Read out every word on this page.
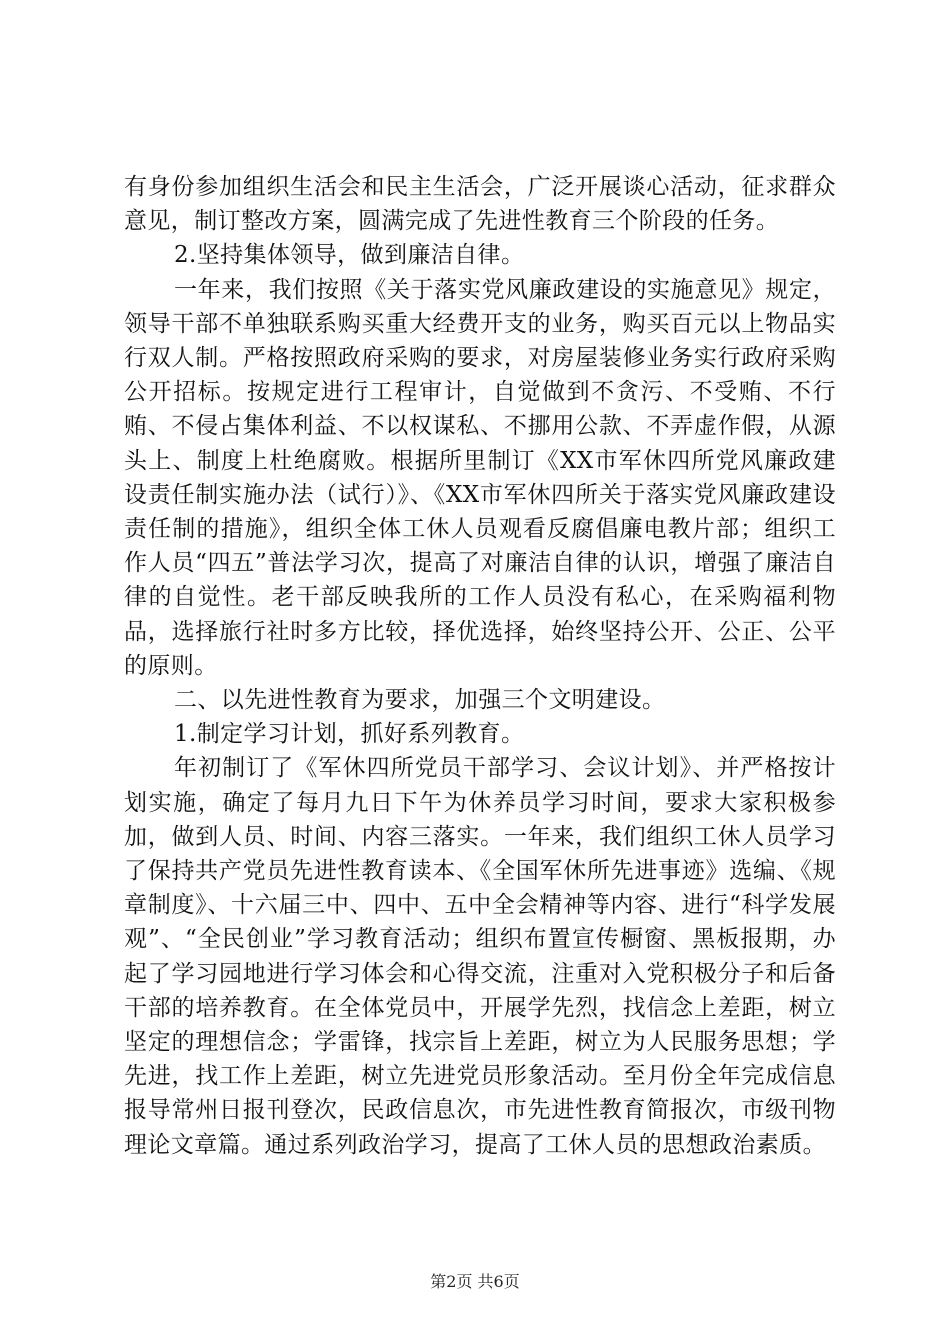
有身份参加组织生活会和民主生活会，广泛开展谈心活动，征求群众意见，制订整改方案，圆满完成了先进性教育三个阶段的任务。

2.坚持集体领导，做到廉洁自律。

一年来，我们按照《关于落实党风廉政建设的实施意见》规定，领导干部不单独联系购买重大经费开支的业务，购买百元以上物品实行双人制。严格按照政府采购的要求，对房屋装修业务实行政府采购公开招标。按规定进行工程审计，自觉做到不贪污、不受贿、不行贿、不侵占集体利益、不以权谋私、不挪用公款、不弄虚作假，从源头上、制度上杜绝腐败。根据所里制订《XX市军休四所党风廉政建设责任制实施办法（试行）》、《XX市军休四所关于落实党风廉政建设责任制的措施》，组织全体工休人员观看反腐倡廉电教片部；组织工作人员“四五”普法学习次，提高了对廉洁自律的认识，增强了廉洁自律的自觉性。老干部反映我所的工作人员没有私心，在采购福利物品，选择旅行社时多方比较，择优选择，始终坚持公开、公正、公平的原则。

二、以先进性教育为要求，加强三个文明建设。

1.制定学习计划，抓好系列教育。

年初制订了《军休四所党员干部学习、会议计划》、并严格按计划实施，确定了每月九日下午为休养员学习时间，要求大家积极参加，做到人员、时间、内容三落实。一年来，我们组织工休人员学习了保持共产党员先进性教育读本、《全国军休所先进事迹》选编、《规章制度》、十六届三中、四中、五中全会精神等内容、进行“科学发展观”、“全民创业”学习教育活动；组织布置宣传橱窗、黑板报期，办起了学习园地进行学习体会和心得交流，注重对入党积极分子和后备干部的培养教育。在全体党员中，开展学先烈，找信念上差距，树立坚定的理想信念；学雷锋，找宗旨上差距，树立为人民服务思想；学先进，找工作上差距，树立先进党员形象活动。至月份全年完成信息报导常州日报刊登次，民政信息次，市先进性教育简报次，市级刊物理论文章篇。通过系列政治学习，提高了工休人员的思想政治素质。

第2页 共6页
